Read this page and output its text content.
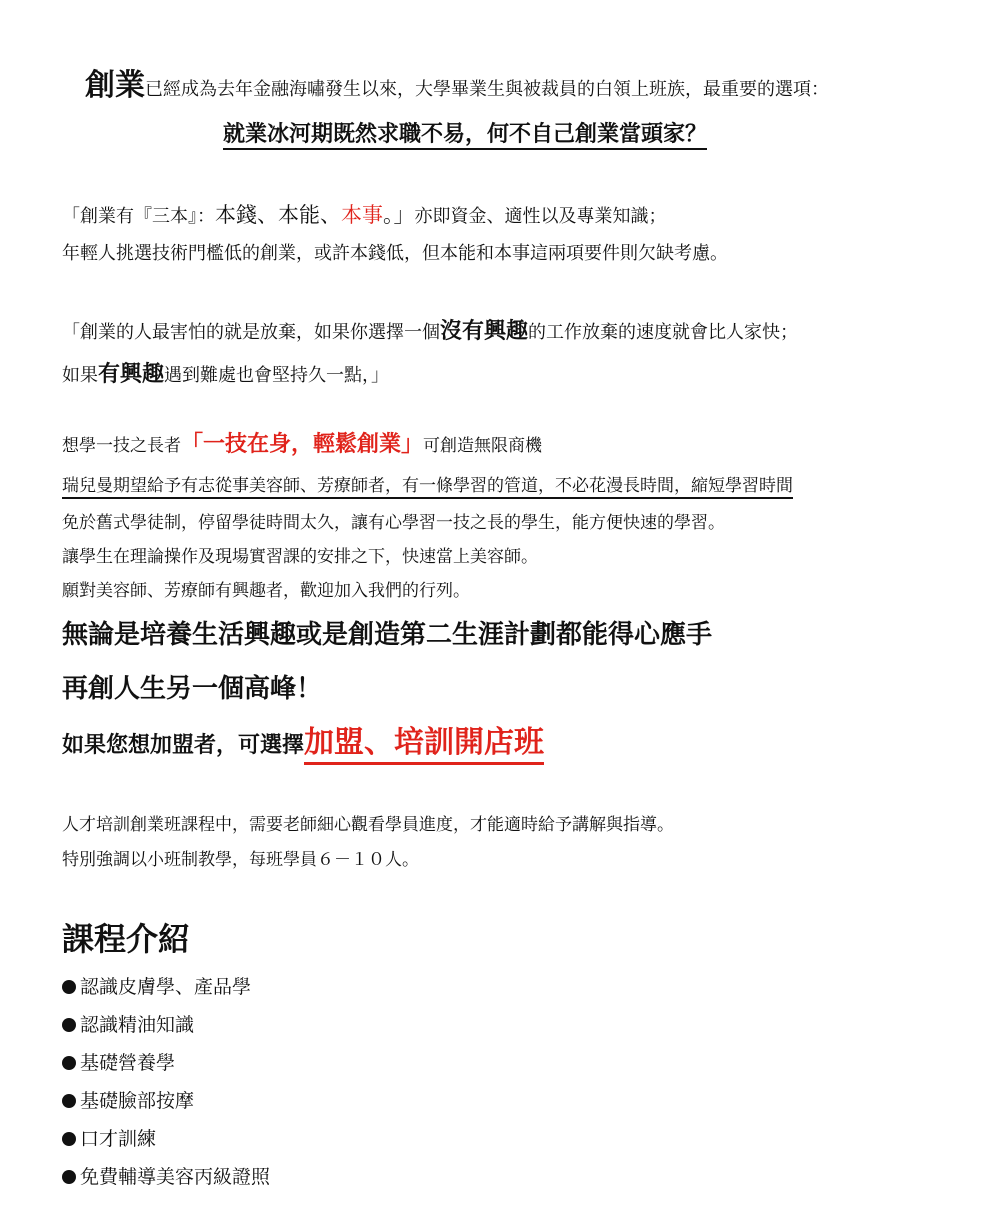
創業已經成為去年金融海嘯發生以來，大學畢業生與被裁員的白領上班族，最重要的選項：
就業冰河期既然求職不易，何不自己創業當頭家？
「創業有『三本』：本錢、本能、本事。」亦即資金、適性以及專業知識；
年輕人挑選技術門檻低的創業，或許本錢低，但本能和本事這兩項要件則欠缺考慮。
「創業的人最害怕的就是放棄，如果你選擇一個沒有興趣的工作放棄的速度就會比人家快；
如果有興趣遇到難處也會堅持久一點，」
想學一技之長者「一技在身，輕鬆創業」可創造無限商機
瑞兒曼期望給予有志從事美容師、芳療師者，有一條學習的管道，不必花漫長時間，縮短學習時間
免於舊式學徒制，停留學徒時間太久，讓有心學習一技之長的學生，能方便快速的學習。
讓學生在理論操作及現場實習課的安排之下，快速當上美容師。
願對美容師、芳療師有興趣者，歡迎加入我們的行列。
無論是培養生活興趣或是創造第二生涯計劃都能得心應手
再創人生另一個高峰！
如果您想加盟者，可選擇加盟、培訓開店班
人才培訓創業班課程中，需要老師細心觀看學員進度，才能適時給予講解與指導。
特別強調以小班制教學，每班學員６－１０人。
課程介紹
認識皮膚學、產品學
認識精油知識
基礎營養學
基礎臉部按摩
口才訓練
免費輔導美容丙級證照
